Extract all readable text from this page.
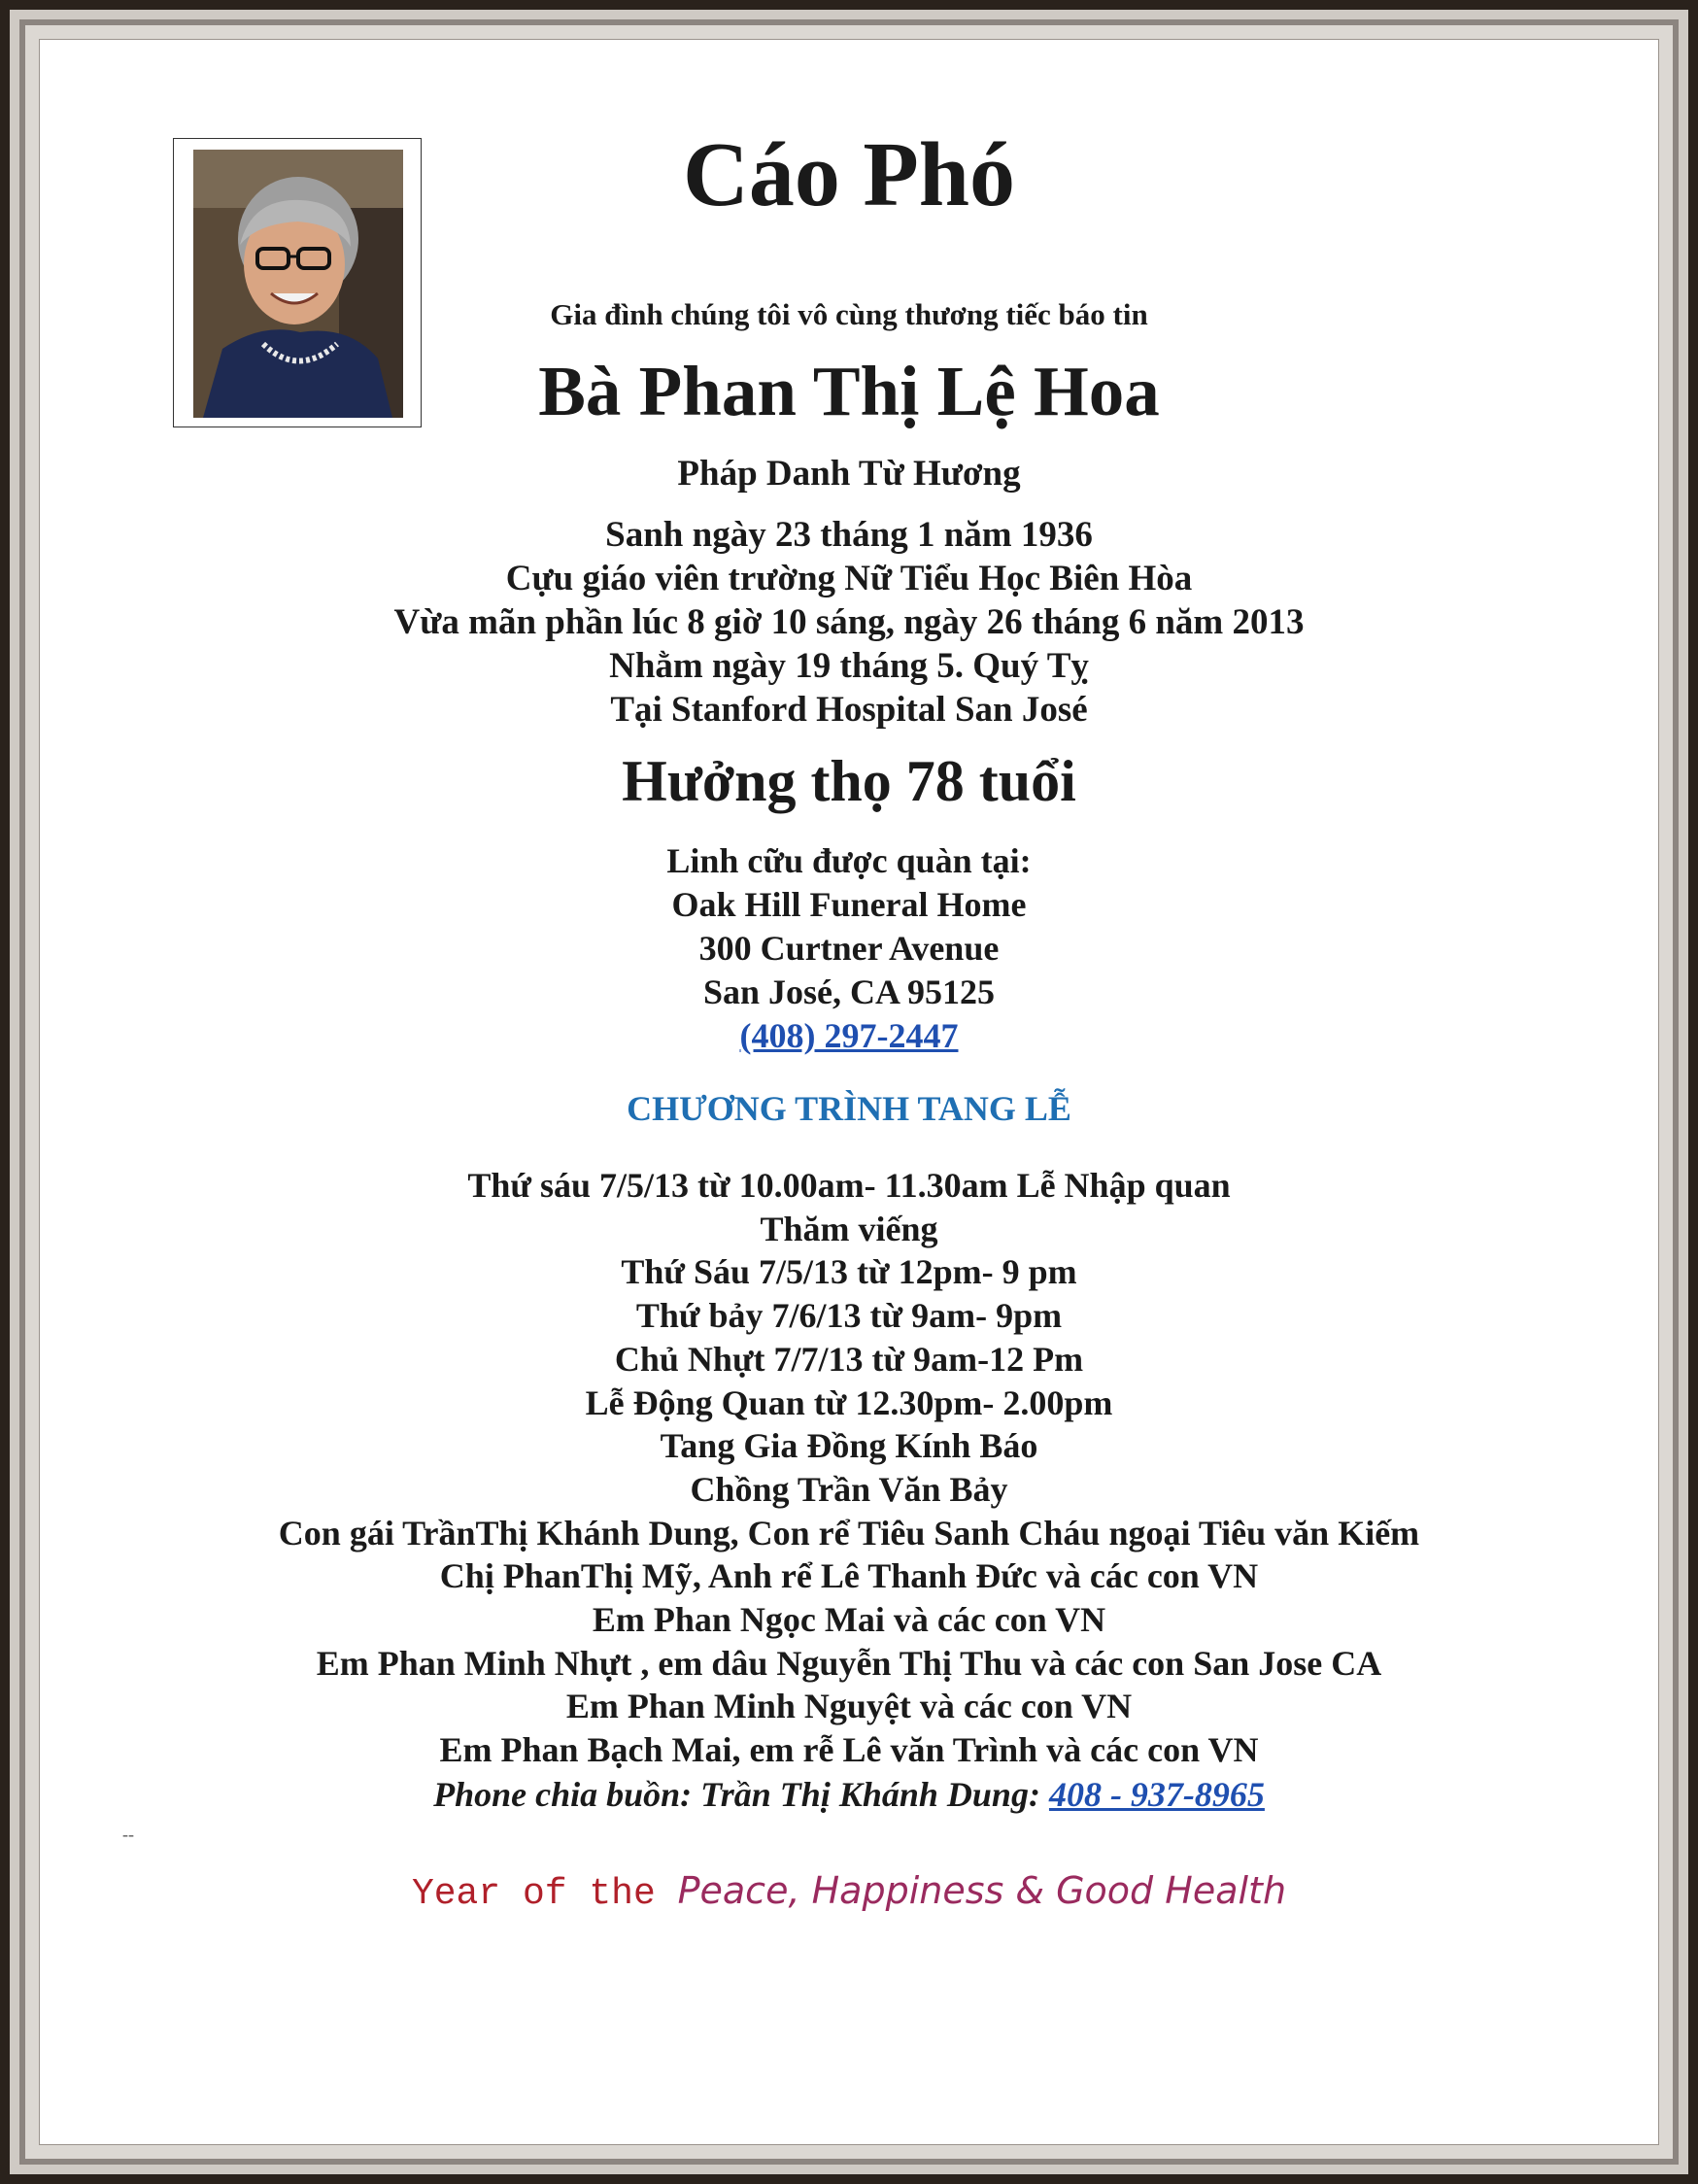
Cáo Phó
Gia đình chúng tôi vô cùng thương tiếc báo tin
Bà Phan Thị Lệ Hoa
Pháp Danh Từ Hương
Sanh ngày 23 tháng 1 năm 1936
Cựu giáo viên trường Nữ Tiểu Học Biên Hòa
Vừa mãn phần lúc 8 giờ 10 sáng, ngày 26 tháng 6 năm 2013
Nhằm ngày 19 tháng 5. Quý Tỵ
Tại Stanford Hospital San José
Hưởng thọ 78 tuổi
Linh cữu được quàn tại:
Oak Hill Funeral Home
300 Curtner Avenue
San José, CA 95125
(408) 297-2447
CHƯƠNG TRÌNH TANG LỄ
Thứ sáu 7/5/13 từ 10.00am- 11.30am Lễ Nhập quan
Thăm viếng
Thứ Sáu 7/5/13 từ 12pm- 9 pm
Thứ bảy 7/6/13 từ 9am- 9pm
Chủ Nhựt 7/7/13 từ 9am-12 Pm
Lễ Động Quan từ 12.30pm- 2.00pm
Tang Gia Đồng Kính Báo
Chồng Trần Văn Bảy
Con gái TrầnThị Khánh Dung, Con rể Tiêu Sanh Cháu ngoại Tiêu văn Kiếm
Chị PhanThị Mỹ, Anh rể Lê Thanh Đức và các con VN
Em Phan Ngọc Mai và các con VN
Em Phan Minh Nhựt , em dâu Nguyễn Thị Thu và các con San Jose CA
Em Phan Minh Nguyệt và các con VN
Em Phan Bạch Mai, em rễ Lê văn Trình và các con VN
Phone chia buồn: Trần Thị Khánh Dung: 408 - 937-8965
--
Year of the Peace, Happiness & Good Health
